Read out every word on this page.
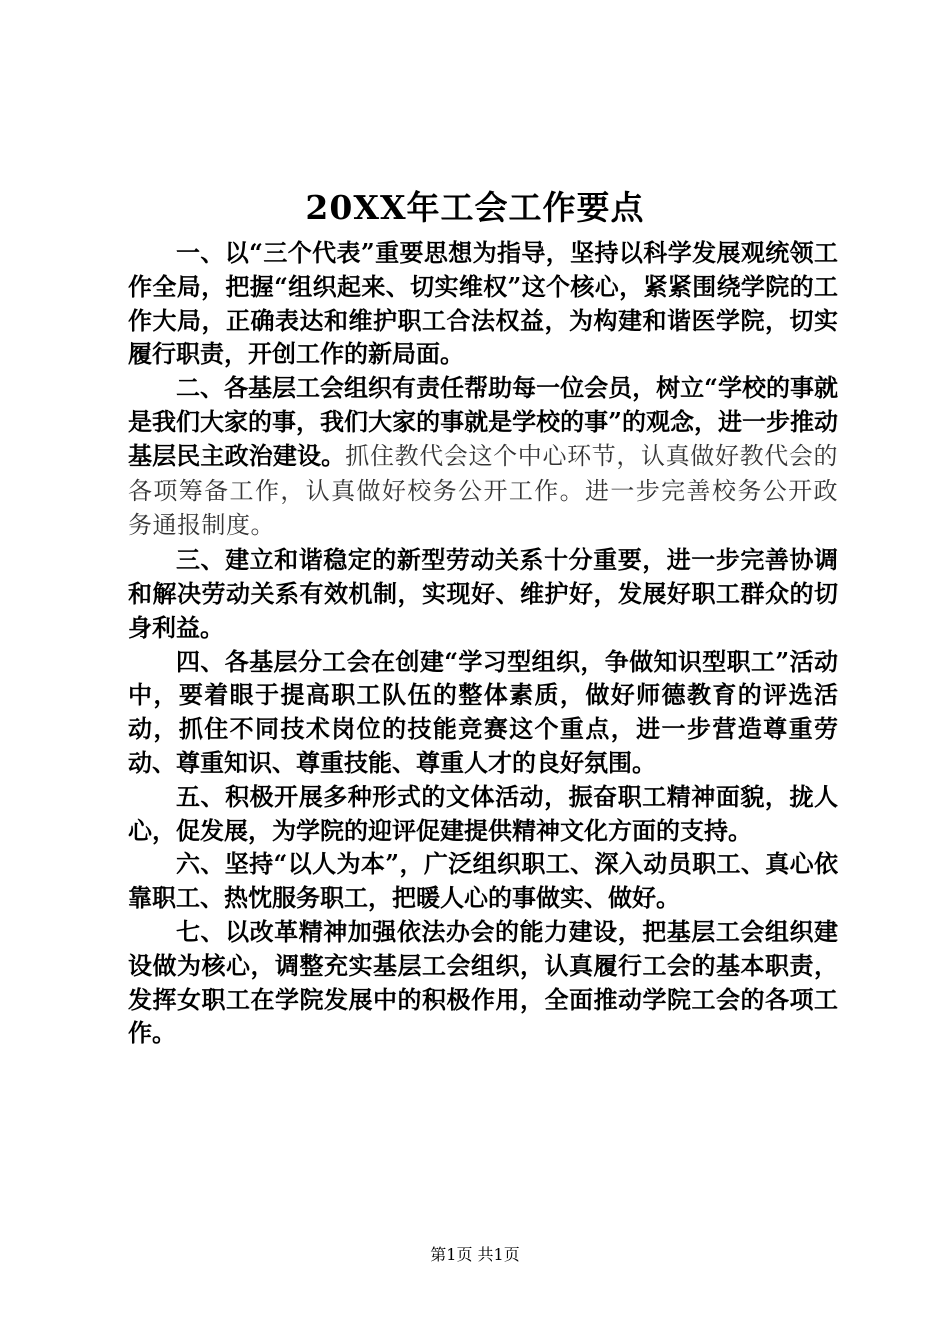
20XX年工会工作要点

一、以“三个代表”重要思想为指导，坚持以科学发展观统领工作全局，把握“组织起来、切实维权”这个核心，紧紧围绕学院的工作大局，正确表达和维护职工合法权益，为构建和谐医学院，切实履行职责，开创工作的新局面。

二、各基层工会组织有责任帮助每一位会员，树立“学校的事就是我们大家的事，我们大家的事就是学校的事”的观念，进一步推动基层民主政治建设。抓住教代会这个中心环节，认真做好教代会的各项筹备工作，认真做好校务公开工作。进一步完善校务公开政务通报制度。

三、建立和谐稳定的新型劳动关系十分重要，进一步完善协调和解决劳动关系有效机制，实现好、维护好，发展好职工群众的切身利益。

四、各基层分工会在创建“学习型组织，争做知识型职工”活动中，要着眼于提高职工队伍的整体素质，做好师德教育的评选活动，抓住不同技术岗位的技能竞赛这个重点，进一步营造尊重劳动、尊重知识、尊重技能、尊重人才的良好氛围。

五、积极开展多种形式的文体活动，振奋职工精神面貌，拢人心，促发展，为学院的迎评促建提供精神文化方面的支持。

六、坚持“以人为本”，广泛组织职工、深入动员职工、真心依靠职工、热忱服务职工，把暖人心的事做实、做好。

七、以改革精神加强依法办会的能力建设，把基层工会组织建设做为核心，调整充实基层工会组织，认真履行工会的基本职责，发挥女职工在学院发展中的积极作用，全面推动学院工会的各项工作。

第1页 共1页
